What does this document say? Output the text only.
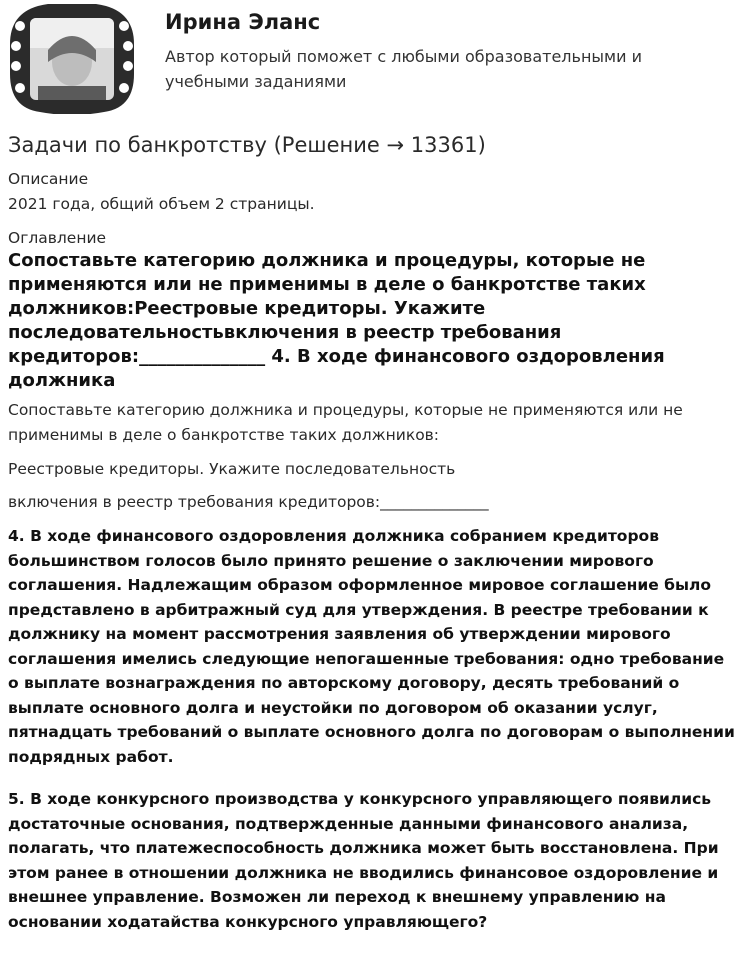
Ирина Эланс
Автор который поможет с любыми образовательными и учебными заданиями
Задачи по банкротству (Решение → 13361)
Описание
2021 года, общий объем 2 страницы.
Оглавление
Сопоставьте категорию должника и процедуры, которые не применяются или не применимы в деле о банкротстве таких должников:Реестровые кредиторы. Укажите последовательностьвключения в реестр требования кредиторов:______________ 4. В ходе финансового оздоровления должника
Сопоставьте категорию должника и процедуры, которые не применяются или не применимы в деле о банкротстве таких должников:
Реестровые кредиторы. Укажите последовательность
включения в реестр требования кредиторов:______________
4. В ходе финансового оздоровления должника собранием кредиторов большинством голосов было принято решение о заключении мирового соглашения. Надлежащим образом оформленное мировое соглашение было представлено в арбитражный суд для утверждения. В реестре требовании к должнику на момент рассмотрения заявления об утверждении мирового соглашения имелись следующие непогашенные требования: одно требование о выплате вознаграждения по авторскому договору, десять требований о выплате основного долга и неустойки по договором об оказании услуг, пятнадцать требований о выплате основного долга по договорам о выполнении подрядных работ.
5. В ходе конкурсного производства у конкурсного управляющего появились достаточные основания, подтвержденные данными финансового анализа, полагать, что платежеспособность должника может быть восстановлена. При этом ранее в отношении должника не вводились финансовое оздоровление и внешнее управление. Возможен ли переход к внешнему управлению на основании ходатайства конкурсного управляющего?
